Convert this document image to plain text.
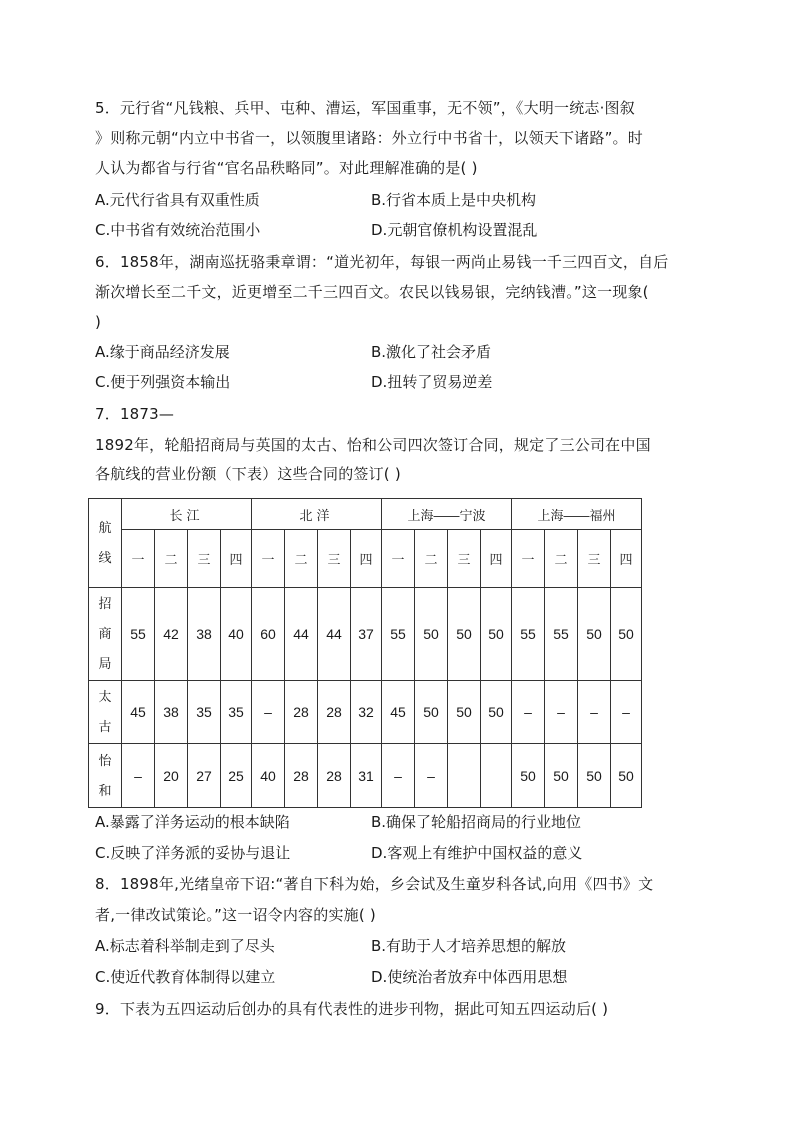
5．元行省“凡钱粮、兵甲、屯种、漕运，军国重事，无不领”，《大明一统志·图叙
》则称元朝“内立中书省一，以领腹里诸路：外立行中书省十，以领天下诸路”。时
人认为都省与行省“官名品秩略同”。对此理解准确的是( )
A.元代行省具有双重性质	B.行省本质上是中央机构
C.中书省有效统治范围小	D.元朝官僚机构设置混乱
6．1858年，湖南巡抚骆秉章谓：“道光初年，每银一两尚止易钱一千三四百文，自后
渐次增长至二千文，近更增至二千三四百文。农民以钱易银，完纳钱漕。”这一现象(
)
A.缘于商品经济发展	B.激化了社会矛盾
C.便于列强资本输出	D.扭转了贸易逆差
7．1873—
1892年，轮船招商局与英国的太古、怡和公司四次签订合同，规定了三公司在中国
各航线的营业份额（下表）这些合同的签订( )
A.暴露了洋务运动的根本缺陷	B.确保了轮船招商局的行业地位
C.反映了洋务派的妥协与退让	D.客观上有维护中国权益的意义
8．1898年,光绪皇帝下诏:“著自下科为始，乡会试及生童岁科各试,向用《四书》文
者,一律改试策论。”这一诏令内容的实施( )
A.标志着科举制走到了尽头	B.有助于人才培养思想的解放
C.使近代教育体制得以建立	D.使统治者放弃中体西用思想
9．下表为五四运动后创办的具有代表性的进步刊物，据此可知五四运动后( )
航
线	长江				北洋				上海——宁波				上海——福州			
	一	二	三	四	一	二	三	四	一	二	三	四	一	二	三	四

招
商
局	55	42	38	40	60	44	44	37	55	50	50	50	55	55	50	50

太
古	45	38	35	35	–	28	28	32	45	50	50	50	–	–	–	–

怡
和	–	20	27	25	40	28	28	31	–	–			50	50	50	50
